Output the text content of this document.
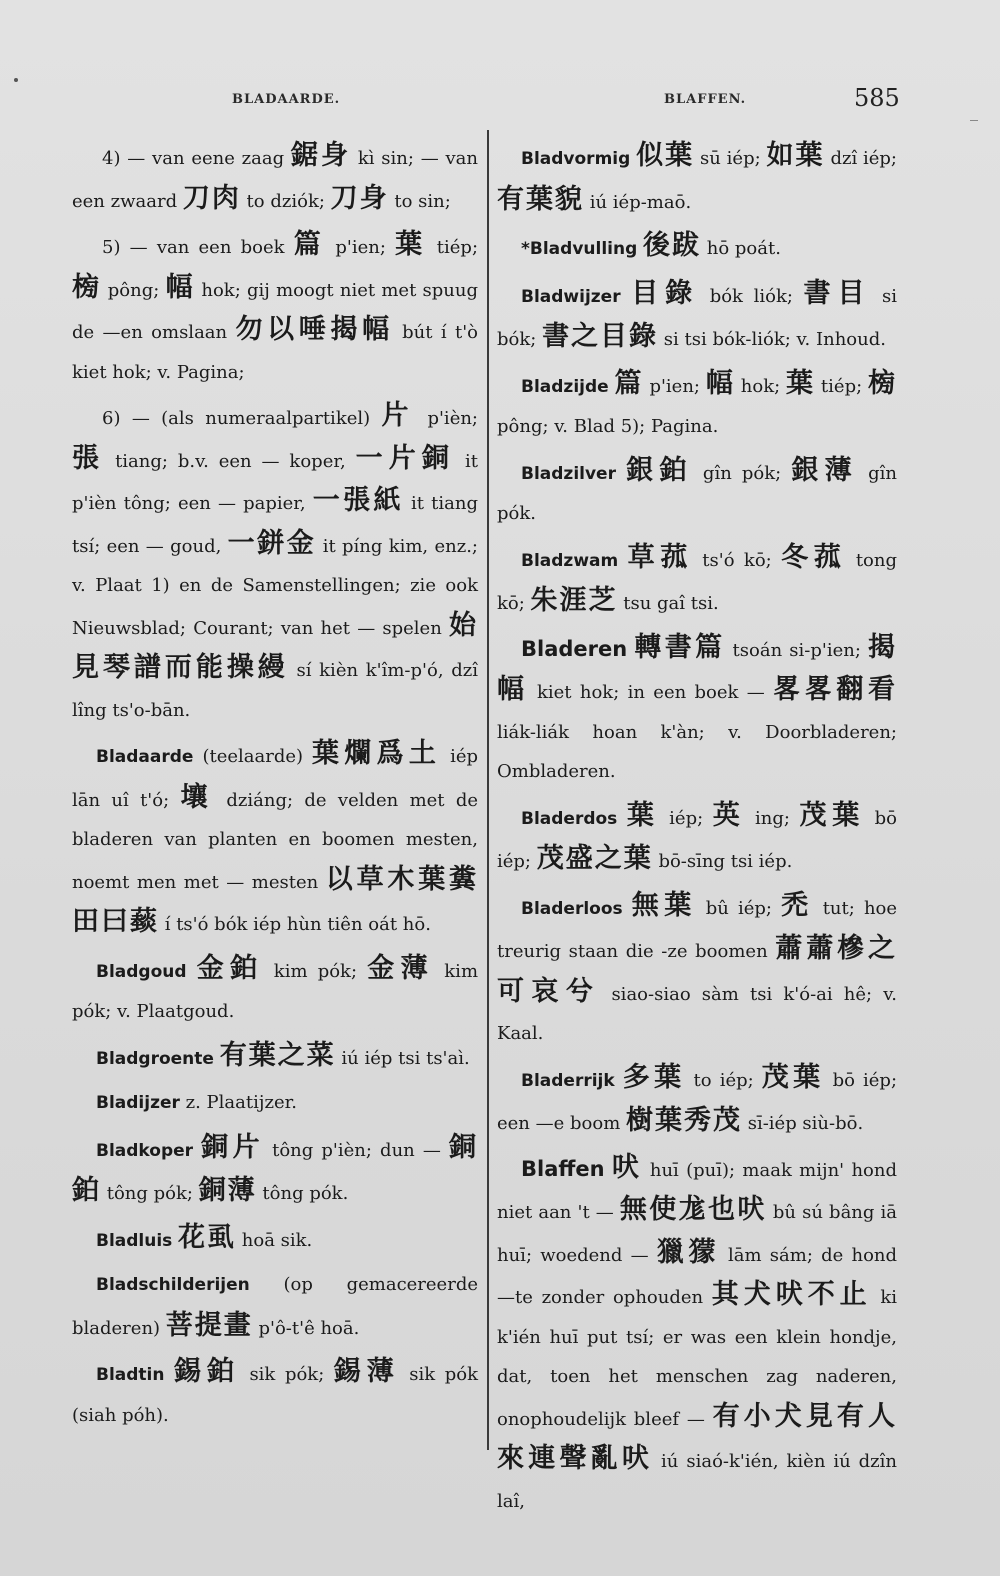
BLADAARDE.	BLAFFEN.	585

4) — van eene zaag 鋸身 kì sin; — van een zwaard 刀肉 to dziók; 刀身 to sin;

5) — van een boek 篇 p'ien; 葉 tiép; 㮄 pông; 幅 hok; gij moogt niet met spuug de —en omslaan 勿以唾揭幅 bút í t'ò kiet hok; v. Pagina;

6) — (als numeraalpartikel) 片 p'ièn; 張 tiang; b.v. een — koper, 一片銅 it p'ièn tông; een — papier, 一張紙 it tiang tsí; een — goud, 一鉼金 it píng kim, enz.; v. Plaat 1) en de Samenstellingen; zie ook Nieuwsblad; Courant; van het — spelen 始見琴譜而能操縵 sí kièn k'îm-p'ó, dzî lîng ts'o-bān.

Bladaarde (teelaarde) 葉爛爲土 iép lān uî t'ó; 壤 dziáng; de velden met de bladeren van planten en boomen mesten, noemt men met — mesten 以草木葉糞田曰䕭 í ts'ó bók iép hùn tiên oát hō.

Bladgoud 金鉑 kim pók; 金薄 kim pók; v. Plaatgoud.

Bladgroente 有葉之菜 iú iép tsi ts'aì.

Bladijzer z. Plaatijzer.

Bladkoper 銅片 tông p'ièn; dun — 銅鉑 tông pók; 銅薄 tông pók.

Bladluis 花虱 hoā sik.

Bladschilderijen (op gemacereerde bladeren) 菩提畫 p'ô-t'ê hoā.

Bladtin 錫鉑 sik pók; 錫薄 sik pók (siah póh).

Bladvormig 似葉 sū iép; 如葉 dzî iép; 有葉貌 iú iép-maō.

*Bladvulling 後跋 hō poát.

Bladwijzer 目錄 bók liók; 書目 si bók; 書之目錄 si tsi bók-liók; v. Inhoud.

Bladzijde 篇 p'ien; 幅 hok; 葉 tiép; 㮄 pông; v. Blad 5); Pagina.

Bladzilver 銀鉑 gîn pók; 銀薄 gîn pók.

Bladzwam 草菰 ts'ó kō; 冬菰 tong kō; 朱涯芝 tsu gaî tsi.

Bladeren 轉書篇 tsoán si-p'ien; 揭幅 kiet hok; in een boek — 畧畧翻看 liák-liák hoan k'àn; v. Doorbladeren; Ombladeren.

Bladerdos 葉 iép; 英 ing; 茂葉 bō iép; 茂盛之葉 bō-sīng tsi iép.

Bladerloos 無葉 bû iép; 禿 tut; hoe treurig staan die -ze boomen 蕭蕭槮之可哀兮 siao-siao sàm tsi k'ó-ai hê; v. Kaal.

Bladerrijk 多葉 to iép; 茂葉 bō iép; een —e boom 樹葉秀茂 sī-iép siù-bō.

Blaffen 吠 huī (puī); maak mijn' hond niet aan 't — 無使尨也吠 bû sú bâng iā huī; woedend — 獵獴 lām sám; de hond —te zonder ophouden 其犬吠不止 ki k'ién huī put tsí; er was een klein hondje, dat, toen het menschen zag naderen, onophoudelijk bleef — 有小犬見有人來連聲亂吠 iú siaó-k'ién, kièn iú dzîn laî,
